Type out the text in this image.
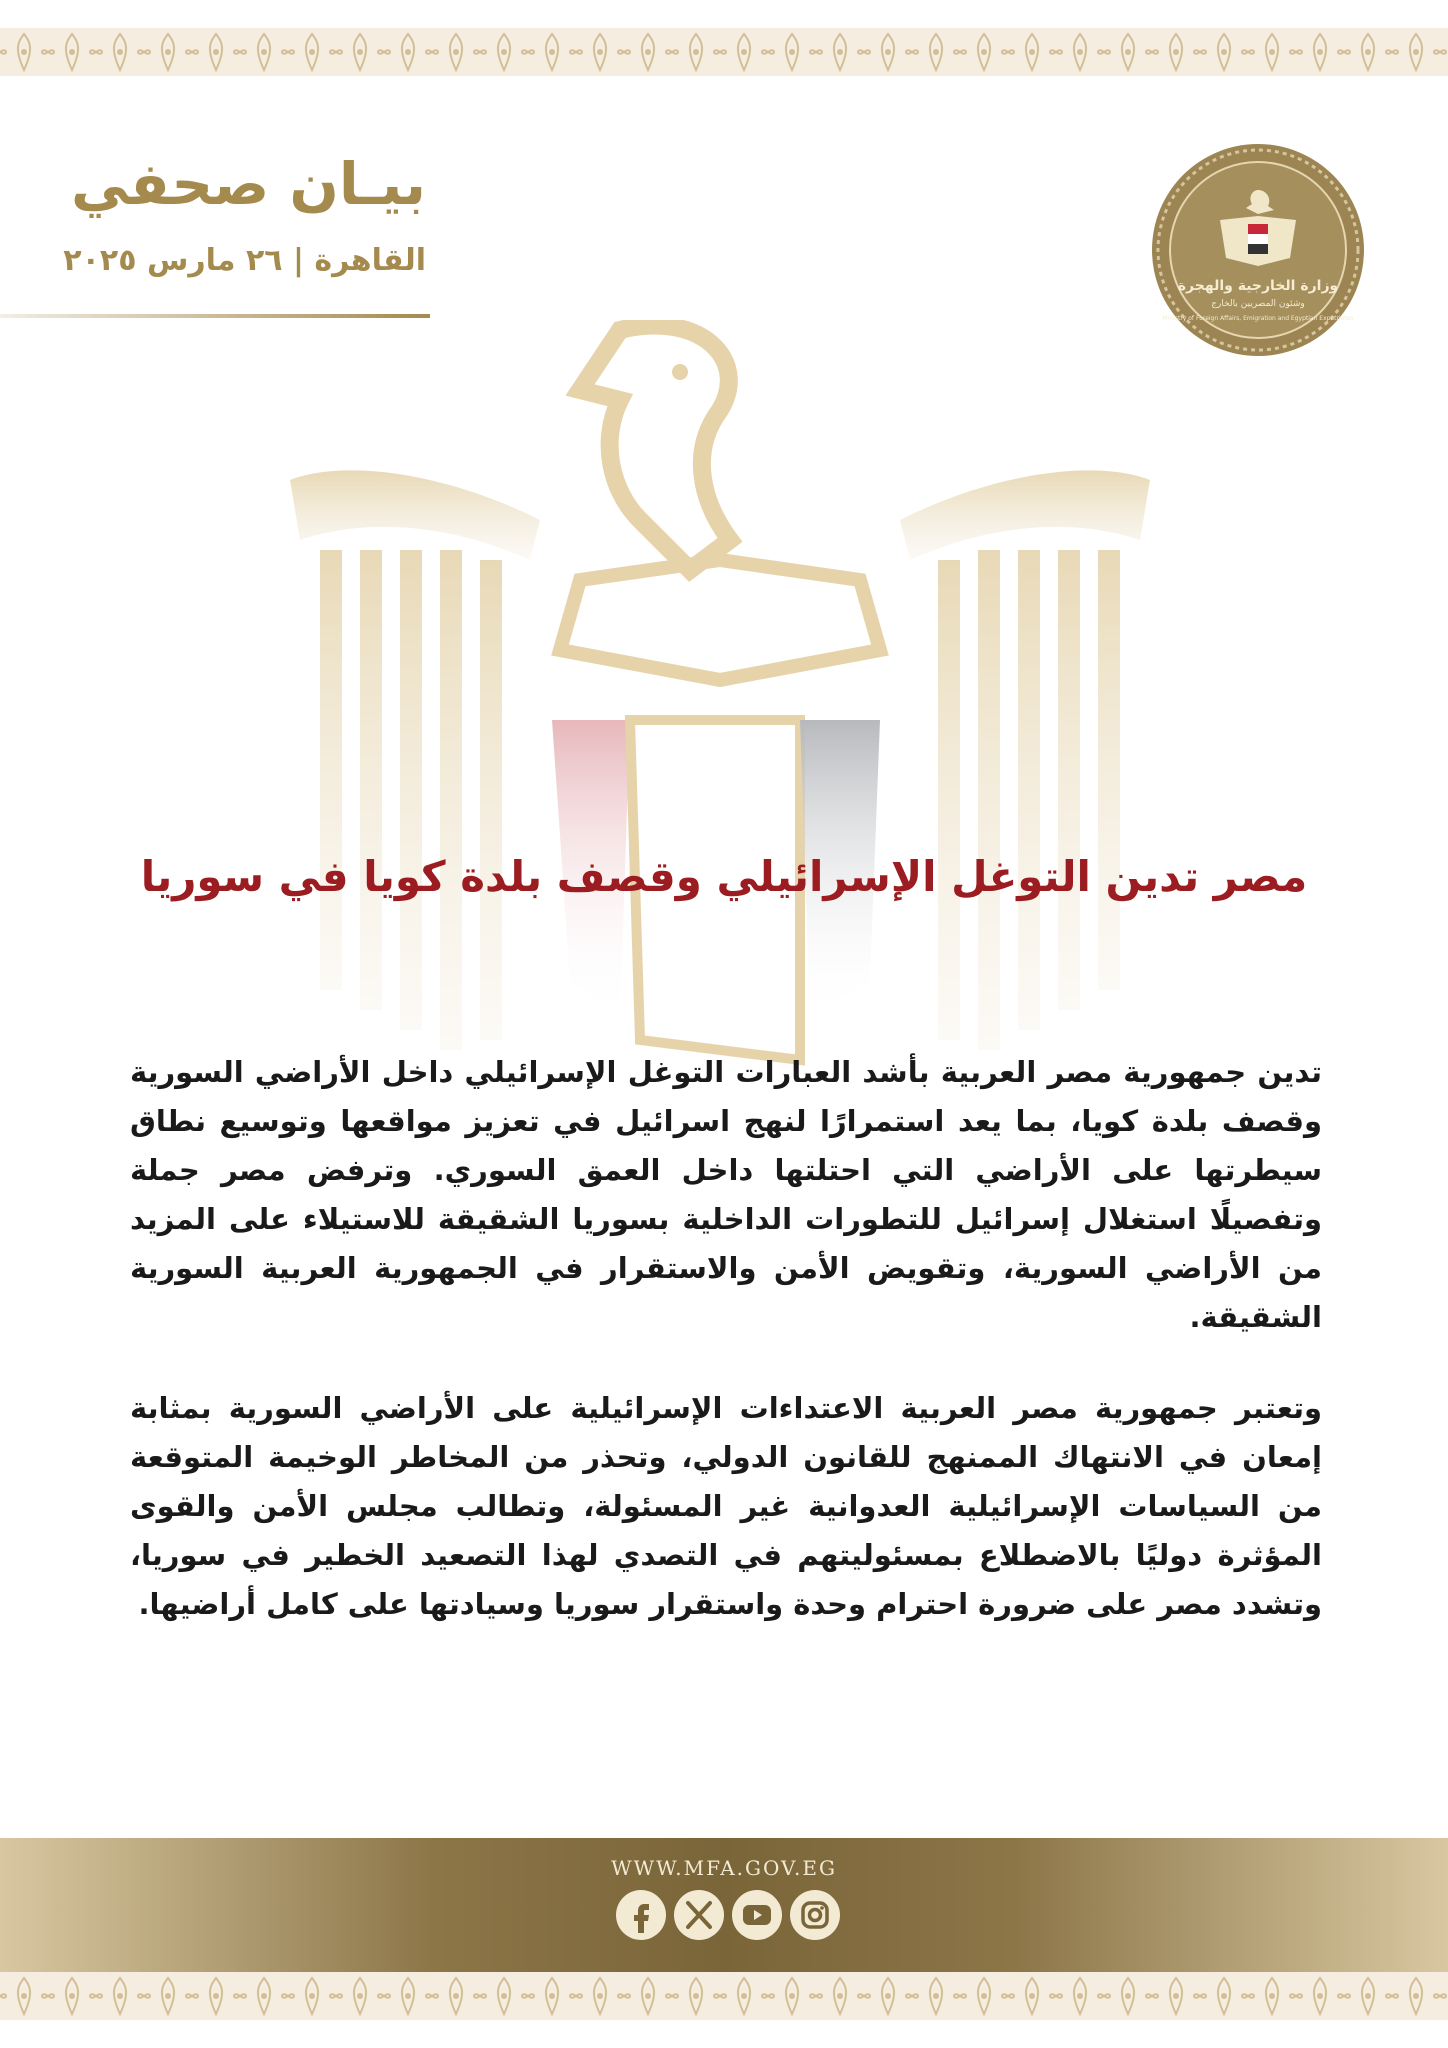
بيـان صحفي
القاهرة | ٢٦ مارس ٢٠٢٥
وزارة الخارجية والهجرة
وشئون المصريين بالخارج
Ministry of Foreign Affairs, Emigration and Egyptian Expatriates
مصر تدين التوغل الإسرائيلي وقصف بلدة كويا في سوريا

تدين جمهورية مصر العربية بأشد العبارات التوغل الإسرائيلي داخل الأراضي السورية وقصف بلدة كويا، بما يعد استمرارًا لنهج اسرائيل في تعزيز مواقعها وتوسيع نطاق سيطرتها على الأراضي التي احتلتها داخل العمق السوري. وترفض مصر جملة وتفصيلًا استغلال إسرائيل للتطورات الداخلية بسوريا الشقيقة للاستيلاء على المزيد من الأراضي السورية، وتقويض الأمن والاستقرار في الجمهورية العربية السورية الشقيقة.

وتعتبر جمهورية مصر العربية الاعتداءات الإسرائيلية على الأراضي السورية بمثابة إمعان في الانتهاك الممنهج للقانون الدولي، وتحذر من المخاطر الوخيمة المتوقعة من السياسات الإسرائيلية العدوانية غير المسئولة، وتطالب مجلس الأمن والقوى المؤثرة دوليًا بالاضطلاع بمسئوليتهم في التصدي لهذا التصعيد الخطير في سوريا، وتشدد مصر على ضرورة احترام وحدة واستقرار سوريا وسيادتها على كامل أراضيها.

WWW.MFA.GOV.EG
